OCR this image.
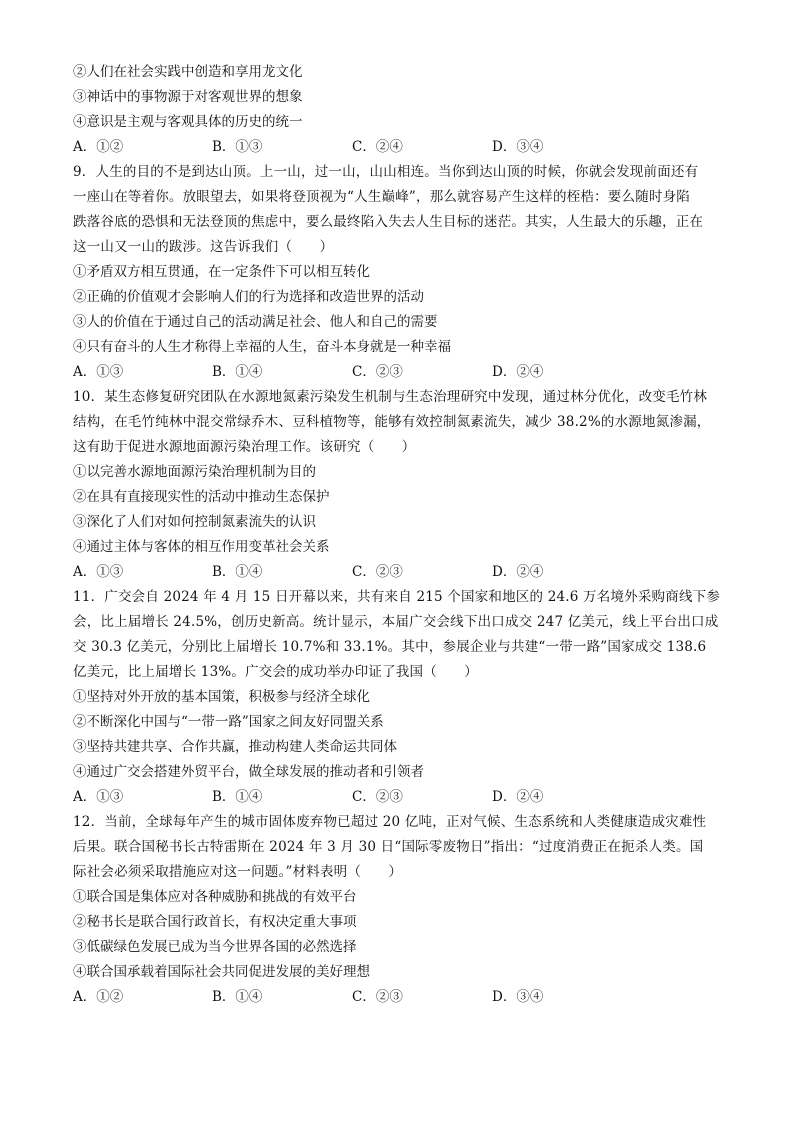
②人们在社会实践中创造和享用龙文化
③神话中的事物源于对客观世界的想象
④意识是主观与客观具体的历史的统一
A．①②	B．①③	C．②④	D．③④
9．人生的目的不是到达山顶。上一山，过一山，山山相连。当你到达山顶的时候，你就会发现前面还有
一座山在等着你。放眼望去，如果将登顶视为“人生巅峰”，那么就容易产生这样的桎梏：要么随时身陷
跌落谷底的恐惧和无法登顶的焦虑中，要么最终陷入失去人生目标的迷茫。其实，人生最大的乐趣，正在
这一山又一山的跋涉。这告诉我们（　　）
①矛盾双方相互贯通，在一定条件下可以相互转化
②正确的价值观才会影响人们的行为选择和改造世界的活动
③人的价值在于通过自己的活动满足社会、他人和自己的需要
④只有奋斗的人生才称得上幸福的人生，奋斗本身就是一种幸福
A．①③	B．①④	C．②③	D．②④
10．某生态修复研究团队在水源地氮素污染发生机制与生态治理研究中发现，通过林分优化，改变毛竹林
结构，在毛竹纯林中混交常绿乔木、豆科植物等，能够有效控制氮素流失，减少 38.2%的水源地氮渗漏，
这有助于促进水源地面源污染治理工作。该研究（　　）
①以完善水源地面源污染治理机制为目的
②在具有直接现实性的活动中推动生态保护
③深化了人们对如何控制氮素流失的认识
④通过主体与客体的相互作用变革社会关系
A．①③	B．①④	C．②③	D．②④
11．广交会自 2024 年 4 月 15 日开幕以来，共有来自 215 个国家和地区的 24.6 万名境外采购商线下参
会，比上届增长 24.5%，创历史新高。统计显示，本届广交会线下出口成交 247 亿美元，线上平台出口成
交 30.3 亿美元，分别比上届增长 10.7%和 33.1%。其中，参展企业与共建“一带一路”国家成交 138.6
亿美元，比上届增长 13%。广交会的成功举办印证了我国（　　）
①坚持对外开放的基本国策，积极参与经济全球化
②不断深化中国与“一带一路”国家之间友好同盟关系
③坚持共建共享、合作共赢，推动构建人类命运共同体
④通过广交会搭建外贸平台，做全球发展的推动者和引领者
A．①③	B．①④	C．②③	D．②④
12．当前，全球每年产生的城市固体废弃物已超过 20 亿吨，正对气候、生态系统和人类健康造成灾难性
后果。联合国秘书长古特雷斯在 2024 年 3 月 30 日“国际零废物日”指出：“过度消费正在扼杀人类。国
际社会必须采取措施应对这一问题。”材料表明（　　）
①联合国是集体应对各种威胁和挑战的有效平台
②秘书长是联合国行政首长，有权决定重大事项
③低碳绿色发展已成为当今世界各国的必然选择
④联合国承载着国际社会共同促进发展的美好理想
A．①②	B．①④	C．②③	D．③④
